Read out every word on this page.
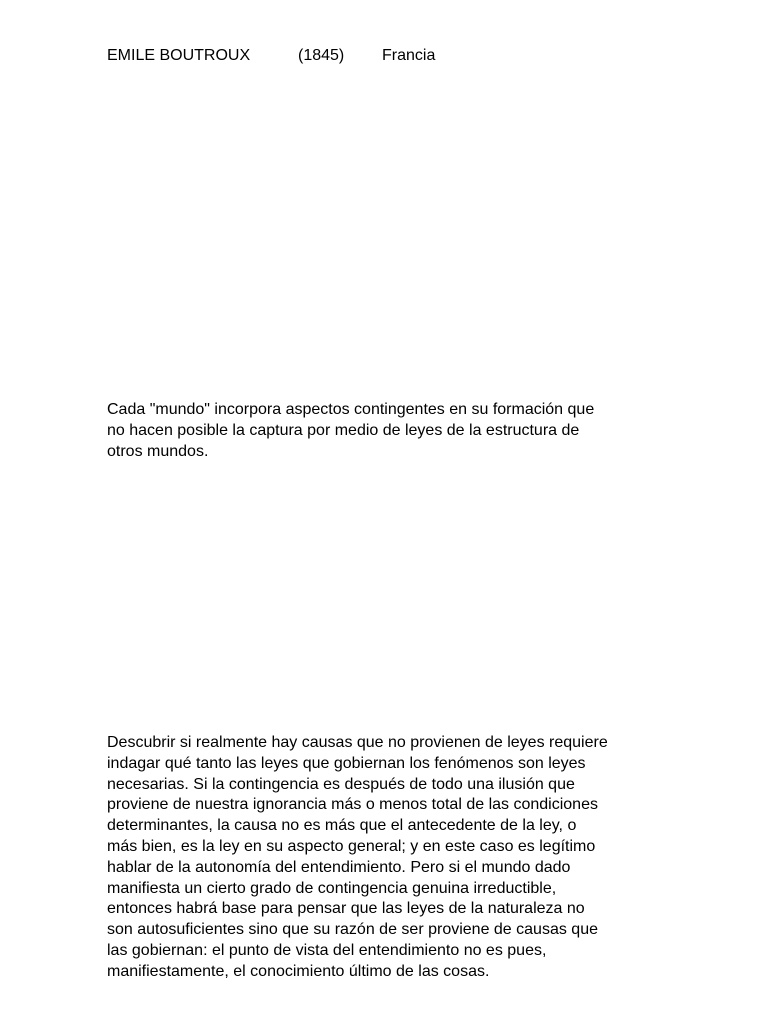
EMILE BOUTROUX	(1845) Francia

Cada "mundo" incorpora aspectos contingentes en su formación que
no hacen posible la captura por medio de leyes de la estructura de
otros mundos.

Descubrir si realmente hay causas que no provienen de leyes requiere
indagar qué tanto las leyes que gobiernan los fenómenos son leyes
necesarias. Si la contingencia es después de todo una ilusión que
proviene de nuestra ignorancia más o menos total de las condiciones
determinantes, la causa no es más que el antecedente de la ley, o
más bien, es la ley en su aspecto general; y en este caso es legítimo
hablar de la autonomía del entendimiento. Pero si el mundo dado
manifiesta un cierto grado de contingencia genuina irreductible,
entonces habrá base para pensar que las leyes de la naturaleza no
son autosuficientes sino que su razón de ser proviene de causas que
las gobiernan: el punto de vista del entendimiento no es pues,
manifiestamente, el conocimiento último de las cosas.
